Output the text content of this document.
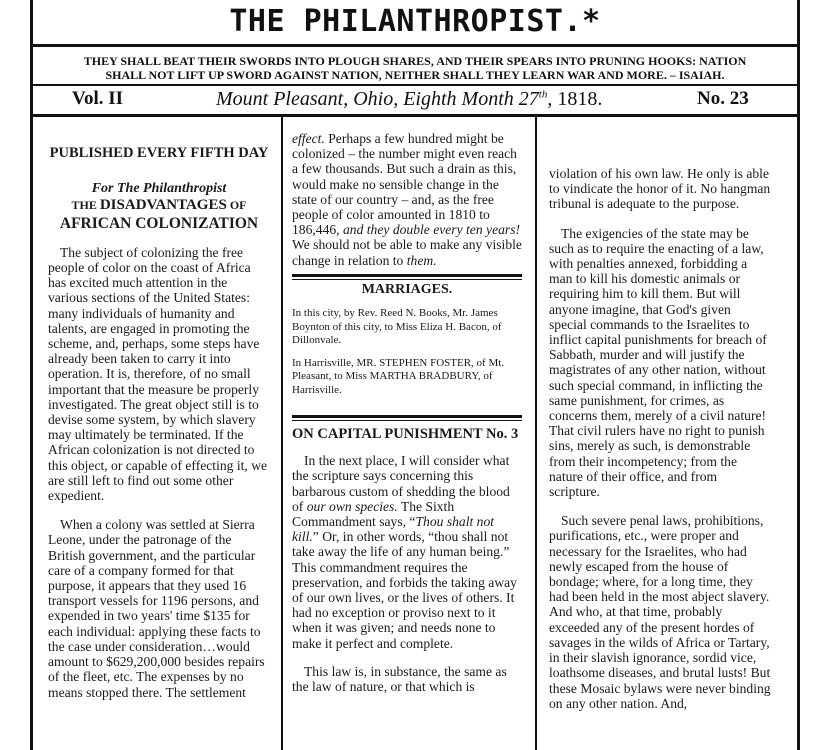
THE PHILANTHROPIST.*
THEY SHALL BEAT THEIR SWORDS INTO PLOUGH SHARES, AND THEIR SPEARS INTO PRUNING HOOKS: NATION
SHALL NOT LIFT UP SWORD AGAINST NATION, NEITHER SHALL THEY LEARN WAR AND MORE. – ISAIAH.
Vol. II	Mount Pleasant, Ohio, Eighth Month 27th, 1818.	No. 23
PUBLISHED EVERY FIFTH DAY
For The Philanthropist
THE DISADVANTAGES OF
AFRICAN COLONIZATION

The subject of colonizing the free people of color on the coast of Africa has excited much attention in the various sections of the United States: many individuals of humanity and talents, are engaged in promoting the scheme, and, perhaps, some steps have already been taken to carry it into operation. It is, therefore, of no small important that the measure be properly investigated. The great object still is to devise some system, by which slavery may ultimately be terminated. If the African colonization is not directed to this object, or capable of effecting it, we are still left to find out some other expedient.

When a colony was settled at Sierra Leone, under the patronage of the British government, and the particular care of a company formed for that purpose, it appears that they used 16 transport vessels for 1196 persons, and expended in two years' time $135 for each individual: applying these facts to the case under consideration…would amount to $629,200,000 besides repairs of the fleet, etc. The expenses by no means stopped there. The settlement

effect. Perhaps a few hundred might be colonized – the number might even reach a few thousands. But such a drain as this, would make no sensible change in the state of our country – and, as the free people of color amounted in 1810 to 186,446, and they double every ten years! We should not be able to make any visible change in relation to them.

MARRIAGES.

In this city, by Rev. Reed N. Books, Mr. James Boynton of this city, to Miss Eliza H. Bacon, of Dillonvale.

In Harrisville, MR. STEPHEN FOSTER, of Mt. Pleasant, to Miss MARTHA BRADBURY, of Harrisville.

ON CAPITAL PUNISHMENT No. 3

In the next place, I will consider what the scripture says concerning this barbarous custom of shedding the blood of our own species. The Sixth Commandment says, “Thou shalt not kill.” Or, in other words, “thou shall not take away the life of any human being.” This commandment requires the preservation, and forbids the taking away of our own lives, or the lives of others. It had no exception or proviso next to it when it was given; and needs none to make it perfect and complete.

This law is, in substance, the same as the law of nature, or that which is

violation of his own law. He only is able to vindicate the honor of it. No hangman tribunal is adequate to the purpose.

The exigencies of the state may be such as to require the enacting of a law, with penalties annexed, forbidding a man to kill his domestic animals or requiring him to kill them. But will anyone imagine, that God's given special commands to the Israelites to inflict capital punishments for breach of Sabbath, murder and will justify the magistrates of any other nation, without such special command, in inflicting the same punishment, for crimes, as concerns them, merely of a civil nature! That civil rulers have no right to punish sins, merely as such, is demonstrable from their incompetency; from the nature of their office, and from scripture.

Such severe penal laws, prohibitions, purifications, etc., were proper and necessary for the Israelites, who had newly escaped from the house of bondage; where, for a long time, they had been held in the most abject slavery. And who, at that time, probably exceeded any of the present hordes of savages in the wilds of Africa or Tartary, in their slavish ignorance, sordid vice, loathsome diseases, and brutal lusts! But these Mosaic bylaws were never binding on any other nation. And,
